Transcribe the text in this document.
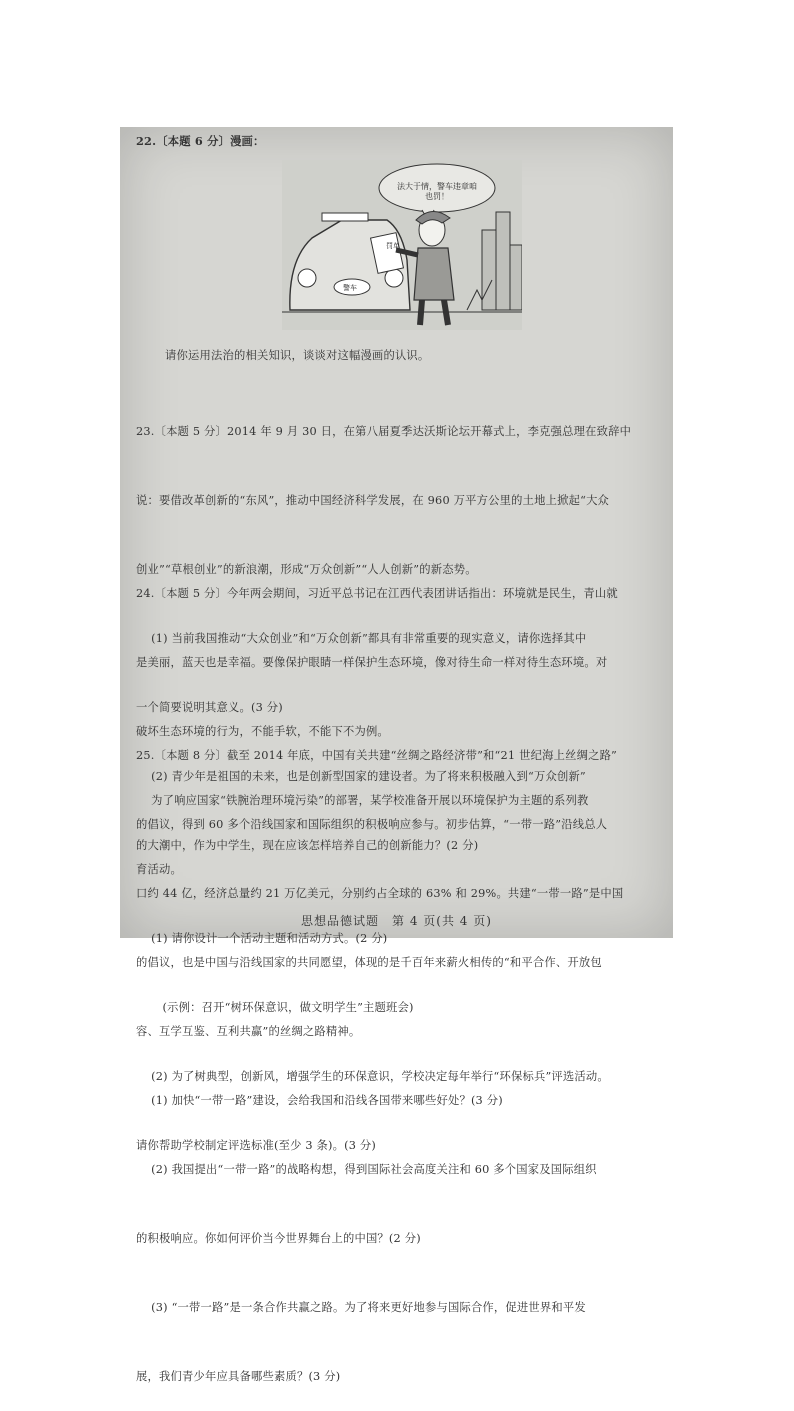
22.〔本题 6 分〕漫画：
法大于情，警车违章咱也罚！
罚单
警车
请你运用法治的相关知识，谈谈对这幅漫画的认识。

23.〔本题 5 分〕2014 年 9 月 30 日，在第八届夏季达沃斯论坛开幕式上，李克强总理在致辞中

说：要借改革创新的“东风”，推动中国经济科学发展，在 960 万平方公里的土地上掀起“大众

创业”“草根创业”的新浪潮，形成“万众创新”“人人创新”的新态势。

(1) 当前我国推动“大众创业”和“万众创新”都具有非常重要的现实意义，请你选择其中

一个简要说明其意义。(3 分)

(2) 青少年是祖国的未来，也是创新型国家的建设者。为了将来积极融入到“万众创新”

的大潮中，作为中学生，现在应该怎样培养自己的创新能力？(2 分)

24.〔本题 5 分〕今年两会期间，习近平总书记在江西代表团讲话指出：环境就是民生，青山就

是美丽，蓝天也是幸福。要像保护眼睛一样保护生态环境，像对待生命一样对待生态环境。对

破坏生态环境的行为，不能手软，不能下不为例。

为了响应国家“铁腕治理环境污染”的部署，某学校准备开展以环境保护为主题的系列教

育活动。

(1) 请你设计一个活动主题和活动方式。(2 分)

(示例：召开“树环保意识，做文明学生”主题班会)

(2) 为了树典型，创新风，增强学生的环保意识，学校决定每年举行“环保标兵”评选活动。

请你帮助学校制定评选标准(至少 3 条)。(3 分)

25.〔本题 8 分〕截至 2014 年底，中国有关共建“丝绸之路经济带”和“21 世纪海上丝绸之路”

的倡议，得到 60 多个沿线国家和国际组织的积极响应参与。初步估算，“一带一路”沿线总人

口约 44 亿，经济总量约 21 万亿美元，分别约占全球的 63% 和 29%。共建“一带一路”是中国

的倡议，也是中国与沿线国家的共同愿望，体现的是千百年来薪火相传的“和平合作、开放包

容、互学互鉴、互利共赢”的丝绸之路精神。

(1) 加快“一带一路”建设，会给我国和沿线各国带来哪些好处？(3 分)

(2) 我国提出“一带一路”的战略构想，得到国际社会高度关注和 60 多个国家及国际组织

的积极响应。你如何评价当今世界舞台上的中国？(2 分)

(3) “一带一路”是一条合作共赢之路。为了将来更好地参与国际合作，促进世界和平发

展，我们青少年应具备哪些素质？(3 分)

思想品德试题　第 4 页(共 4 页)
